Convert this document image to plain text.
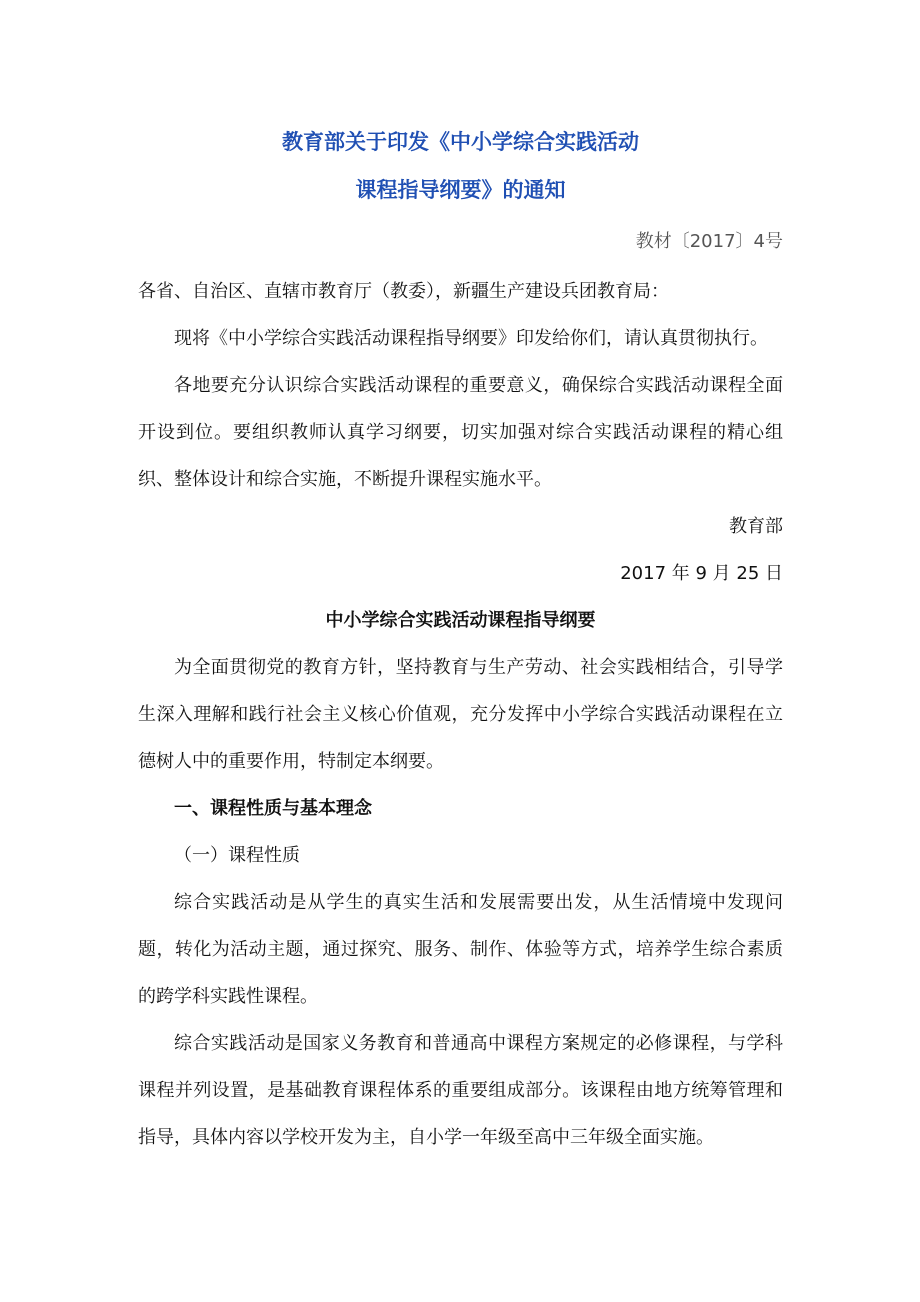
教育部关于印发《中小学综合实践活动
课程指导纲要》的通知
教材〔2017〕4号

各省、自治区、直辖市教育厅（教委），新疆生产建设兵团教育局：

现将《中小学综合实践活动课程指导纲要》印发给你们，请认真贯彻执行。

各地要充分认识综合实践活动课程的重要意义，确保综合实践活动课程全面开设到位。要组织教师认真学习纲要，切实加强对综合实践活动课程的精心组织、整体设计和综合实施，不断提升课程实施水平。

教育部

2017 年 9 月 25 日

中小学综合实践活动课程指导纲要

为全面贯彻党的教育方针，坚持教育与生产劳动、社会实践相结合，引导学生深入理解和践行社会主义核心价值观，充分发挥中小学综合实践活动课程在立德树人中的重要作用，特制定本纲要。

一、课程性质与基本理念

（一）课程性质

综合实践活动是从学生的真实生活和发展需要出发，从生活情境中发现问题，转化为活动主题，通过探究、服务、制作、体验等方式，培养学生综合素质的跨学科实践性课程。

综合实践活动是国家义务教育和普通高中课程方案规定的必修课程，与学科课程并列设置，是基础教育课程体系的重要组成部分。该课程由地方统筹管理和指导，具体内容以学校开发为主，自小学一年级至高中三年级全面实施。
